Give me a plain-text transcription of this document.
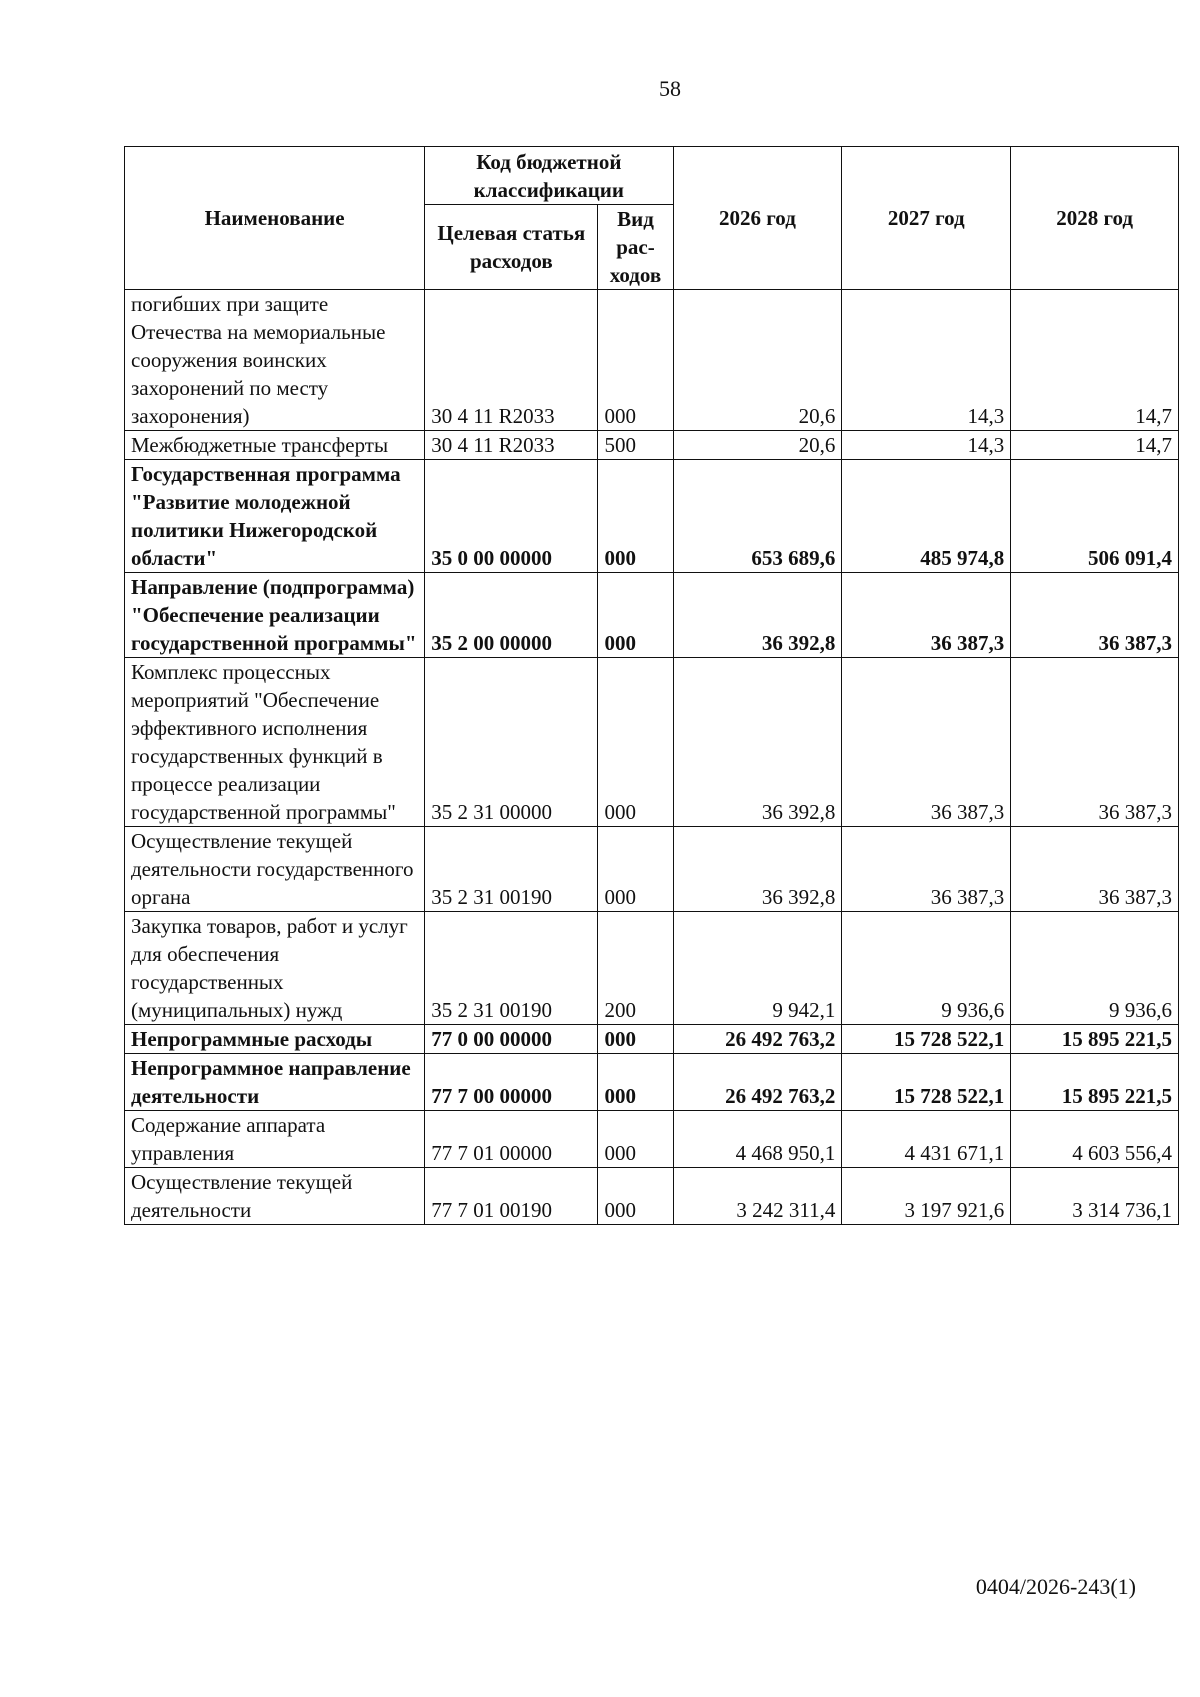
58
Наименование	Код бюджетной классификации		2026 год	2027 год	2028 год
	Целевая статья расходов	Вид рас-ходов			
погибших при защите Отечества на мемориальные сооружения воинских захоронений по месту захоронения)	30 4 11 R2033	000	20,6	14,3	14,7
Межбюджетные трансферты	30 4 11 R2033	500	20,6	14,3	14,7
Государственная программа "Развитие молодежной политики Нижегородской области"	35 0 00 00000	000	653 689,6	485 974,8	506 091,4
Направление (подпрограмма) "Обеспечение реализации государственной программы"	35 2 00 00000	000	36 392,8	36 387,3	36 387,3
Комплекс процессных мероприятий "Обеспечение эффективного исполнения государственных функций в процессе реализации государственной программы"	35 2 31 00000	000	36 392,8	36 387,3	36 387,3
Осуществление текущей деятельности государственного органа	35 2 31 00190	000	36 392,8	36 387,3	36 387,3
Закупка товаров, работ и услуг для обеспечения государственных (муниципальных) нужд	35 2 31 00190	200	9 942,1	9 936,6	9 936,6
Непрограммные расходы	77 0 00 00000	000	26 492 763,2	15 728 522,1	15 895 221,5
Непрограммное направление деятельности	77 7 00 00000	000	26 492 763,2	15 728 522,1	15 895 221,5
Содержание аппарата управления	77 7 01 00000	000	4 468 950,1	4 431 671,1	4 603 556,4
Осуществление текущей деятельности	77 7 01 00190	000	3 242 311,4	3 197 921,6	3 314 736,1
0404/2026-243(1)
